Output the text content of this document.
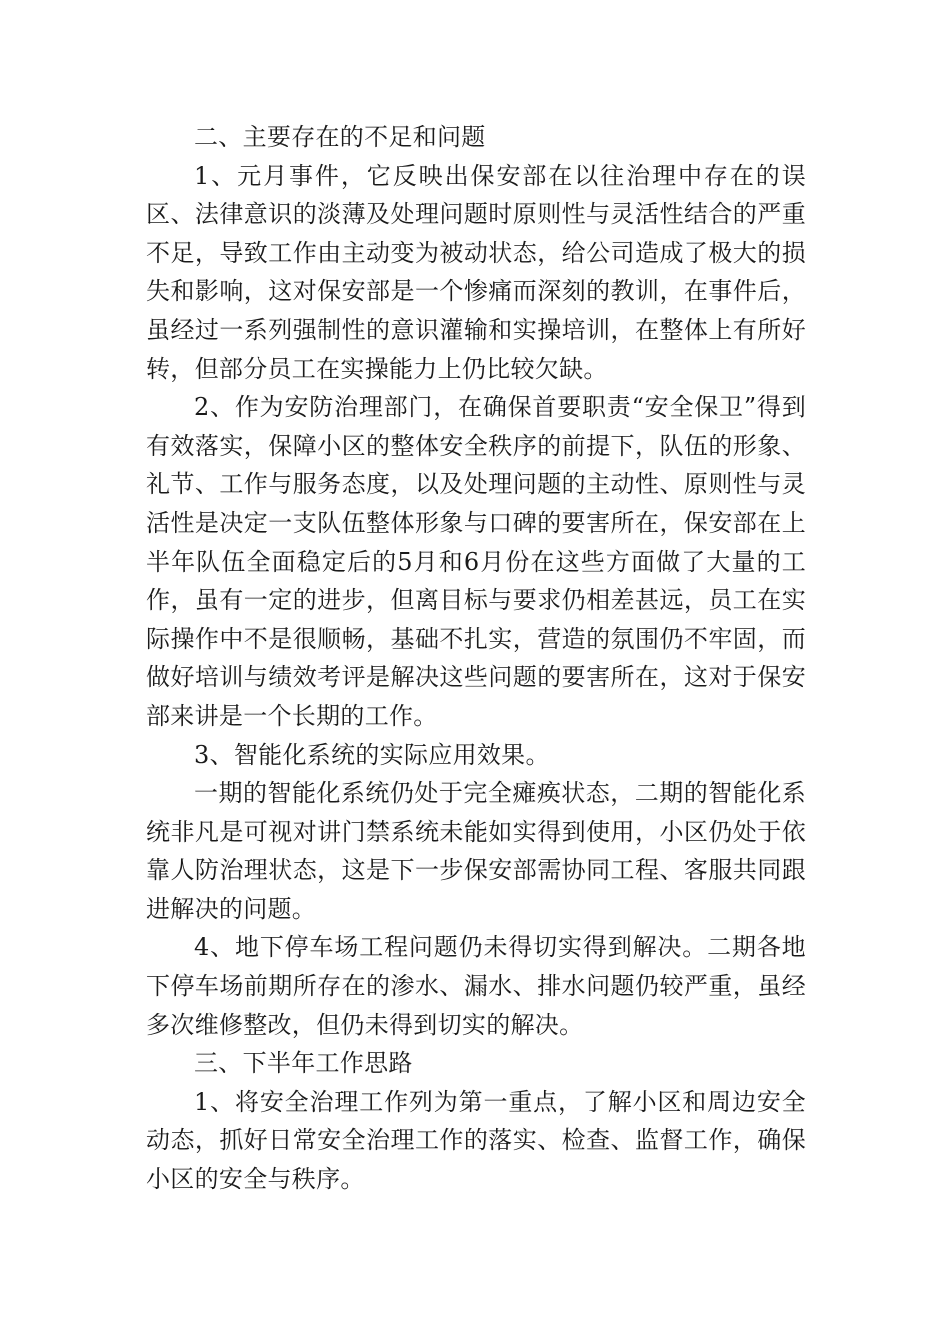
二、主要存在的不足和问题

1、元月事件，它反映出保安部在以往治理中存在的误区、法律意识的淡薄及处理问题时原则性与灵活性结合的严重不足，导致工作由主动变为被动状态，给公司造成了极大的损失和影响，这对保安部是一个惨痛而深刻的教训，在事件后，虽经过一系列强制性的意识灌输和实操培训，在整体上有所好转，但部分员工在实操能力上仍比较欠缺。

2、作为安防治理部门，在确保首要职责“安全保卫”得到有效落实，保障小区的整体安全秩序的前提下，队伍的形象、礼节、工作与服务态度，以及处理问题的主动性、原则性与灵活性是决定一支队伍整体形象与口碑的要害所在，保安部在上半年队伍全面稳定后的5月和6月份在这些方面做了大量的工作，虽有一定的进步，但离目标与要求仍相差甚远，员工在实际操作中不是很顺畅，基础不扎实，营造的氛围仍不牢固，而做好培训与绩效考评是解决这些问题的要害所在，这对于保安部来讲是一个长期的工作。

3、智能化系统的实际应用效果。

一期的智能化系统仍处于完全瘫痪状态，二期的智能化系统非凡是可视对讲门禁系统未能如实得到使用，小区仍处于依靠人防治理状态，这是下一步保安部需协同工程、客服共同跟进解决的问题。

4、地下停车场工程问题仍未得切实得到解决。二期各地下停车场前期所存在的渗水、漏水、排水问题仍较严重，虽经多次维修整改，但仍未得到切实的解决。

三、下半年工作思路

1、将安全治理工作列为第一重点，了解小区和周边安全动态，抓好日常安全治理工作的落实、检查、监督工作，确保小区的安全与秩序。
